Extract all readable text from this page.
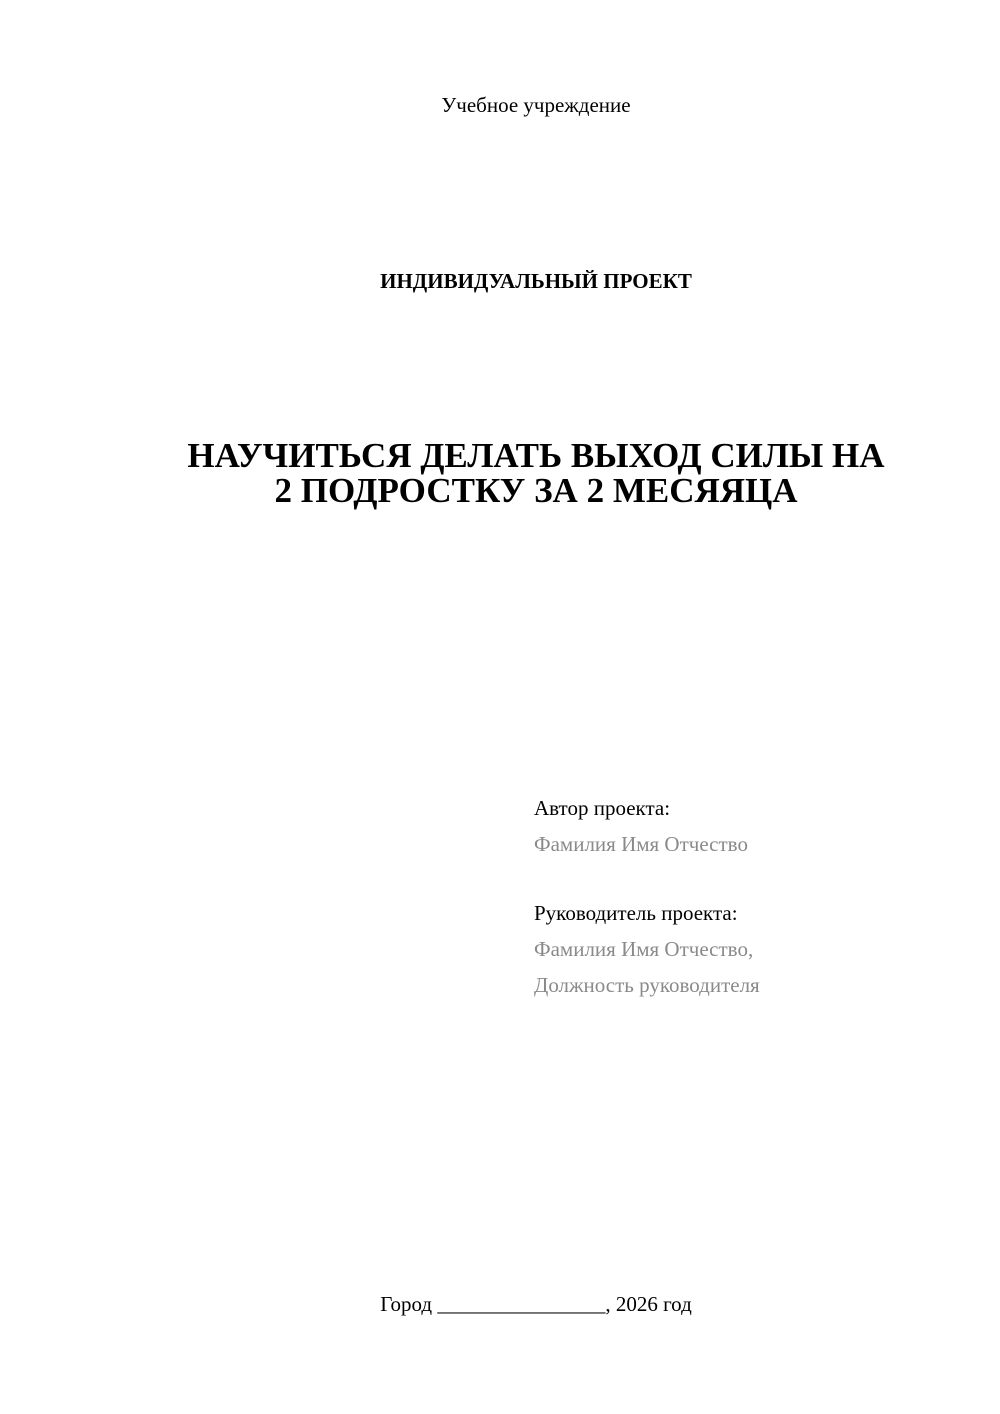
Учебное учреждение
ИНДИВИДУАЛЬНЫЙ ПРОЕКТ
НАУЧИТЬСЯ ДЕЛАТЬ ВЫХОД СИЛЫ НА
2 ПОДРОСТКУ ЗА 2 МЕСЯЯЦА
Автор проекта:
Фамилия Имя Отчество
Руководитель проекта:
Фамилия Имя Отчество,
Должность руководителя
Город ________________, 2026 год
